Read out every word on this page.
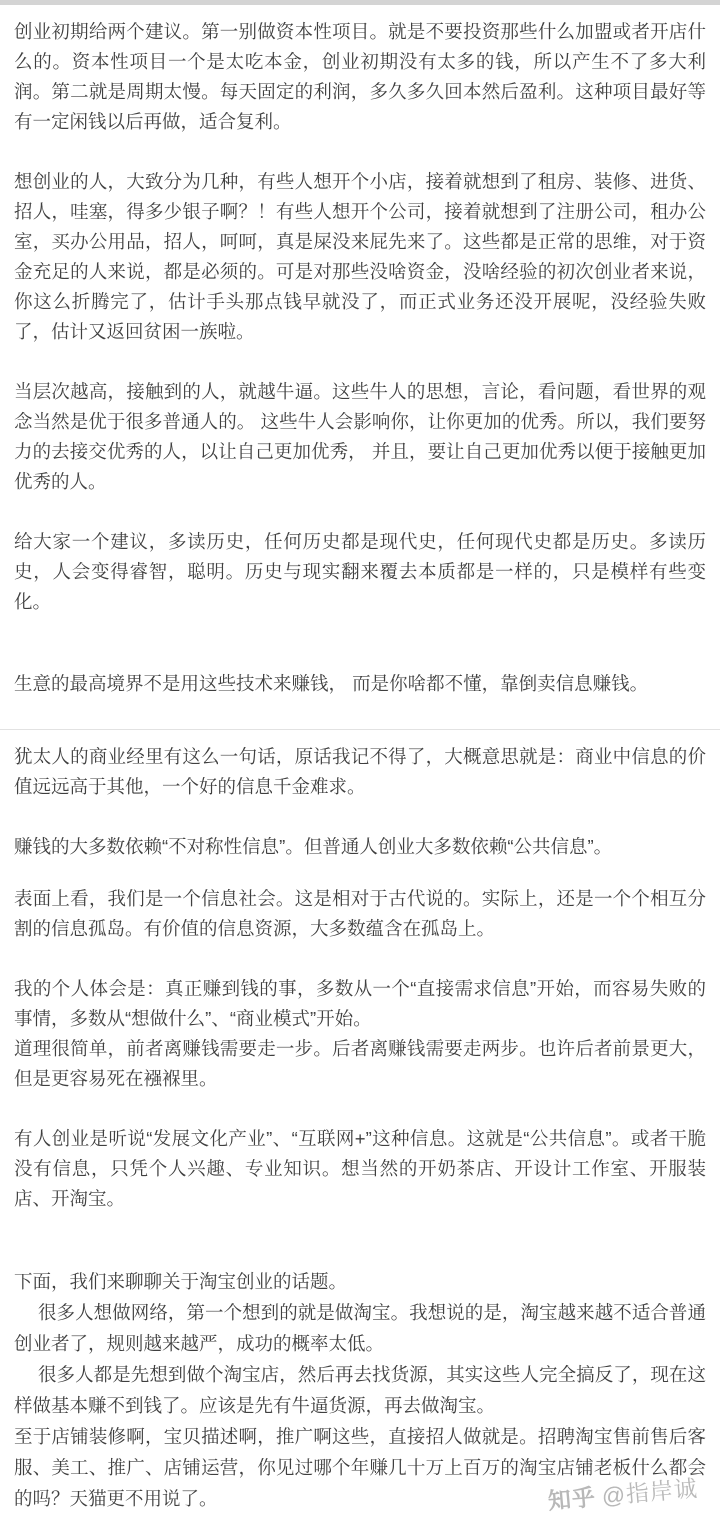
创业初期给两个建议。第一别做资本性项目。就是不要投资那些什么加盟或者开店什么的。资本性项目一个是太吃本金，创业初期没有太多的钱，所以产生不了多大利润。第二就是周期太慢。每天固定的利润，多久多久回本然后盈利。这种项目最好等有一定闲钱以后再做，适合复利。

想创业的人，大致分为几种，有些人想开个小店，接着就想到了租房、装修、进货、招人，哇塞，得多少银子啊？！有些人想开个公司，接着就想到了注册公司，租办公室，买办公用品，招人，呵呵，真是屎没来屁先来了。这些都是正常的思维，对于资金充足的人来说，都是必须的。可是对那些没啥资金，没啥经验的初次创业者来说，你这么折腾完了，估计手头那点钱早就没了，而正式业务还没开展呢，没经验失败了，估计又返回贫困一族啦。

当层次越高，接触到的人，就越牛逼。这些牛人的思想，言论，看问题，看世界的观念当然是优于很多普通人的。 这些牛人会影响你，让你更加的优秀。所以，我们要努力的去接交优秀的人，以让自己更加优秀， 并且，要让自己更加优秀以便于接触更加优秀的人。

给大家一个建议，多读历史，任何历史都是现代史，任何现代史都是历史。多读历史，人会变得睿智，聪明。历史与现实翻来覆去本质都是一样的，只是模样有些变化。

生意的最高境界不是用这些技术来赚钱， 而是你啥都不懂，靠倒卖信息赚钱。

犹太人的商业经里有这么一句话，原话我记不得了，大概意思就是：商业中信息的价值远远高于其他，一个好的信息千金难求。

赚钱的大多数依赖“不对称性信息”。但普通人创业大多数依赖“公共信息”。

表面上看，我们是一个信息社会。这是相对于古代说的。实际上，还是一个个相互分割的信息孤岛。有价值的信息资源，大多数蕴含在孤岛上。

我的个人体会是：真正赚到钱的事，多数从一个“直接需求信息”开始，而容易失败的事情，多数从“想做什么”、“商业模式”开始。

道理很简单，前者离赚钱需要走一步。后者离赚钱需要走两步。也许后者前景更大，但是更容易死在襁褓里。

有人创业是听说“发展文化产业”、“互联网+”这种信息。这就是“公共信息”。或者干脆没有信息，只凭个人兴趣、专业知识。想当然的开奶茶店、开设计工作室、开服装店、开淘宝。

下面，我们来聊聊关于淘宝创业的话题。

很多人想做网络，第一个想到的就是做淘宝。我想说的是，淘宝越来越不适合普通创业者了，规则越来越严，成功的概率太低。

很多人都是先想到做个淘宝店，然后再去找货源，其实这些人完全搞反了，现在这样做基本赚不到钱了。应该是先有牛逼货源，再去做淘宝。

至于店铺装修啊，宝贝描述啊，推广啊这些，直接招人做就是。招聘淘宝售前售后客服、美工、推广、店铺运营，你见过哪个年赚几十万上百万的淘宝店铺老板什么都会的吗？天猫更不用说了。	知乎 @指岸诚
